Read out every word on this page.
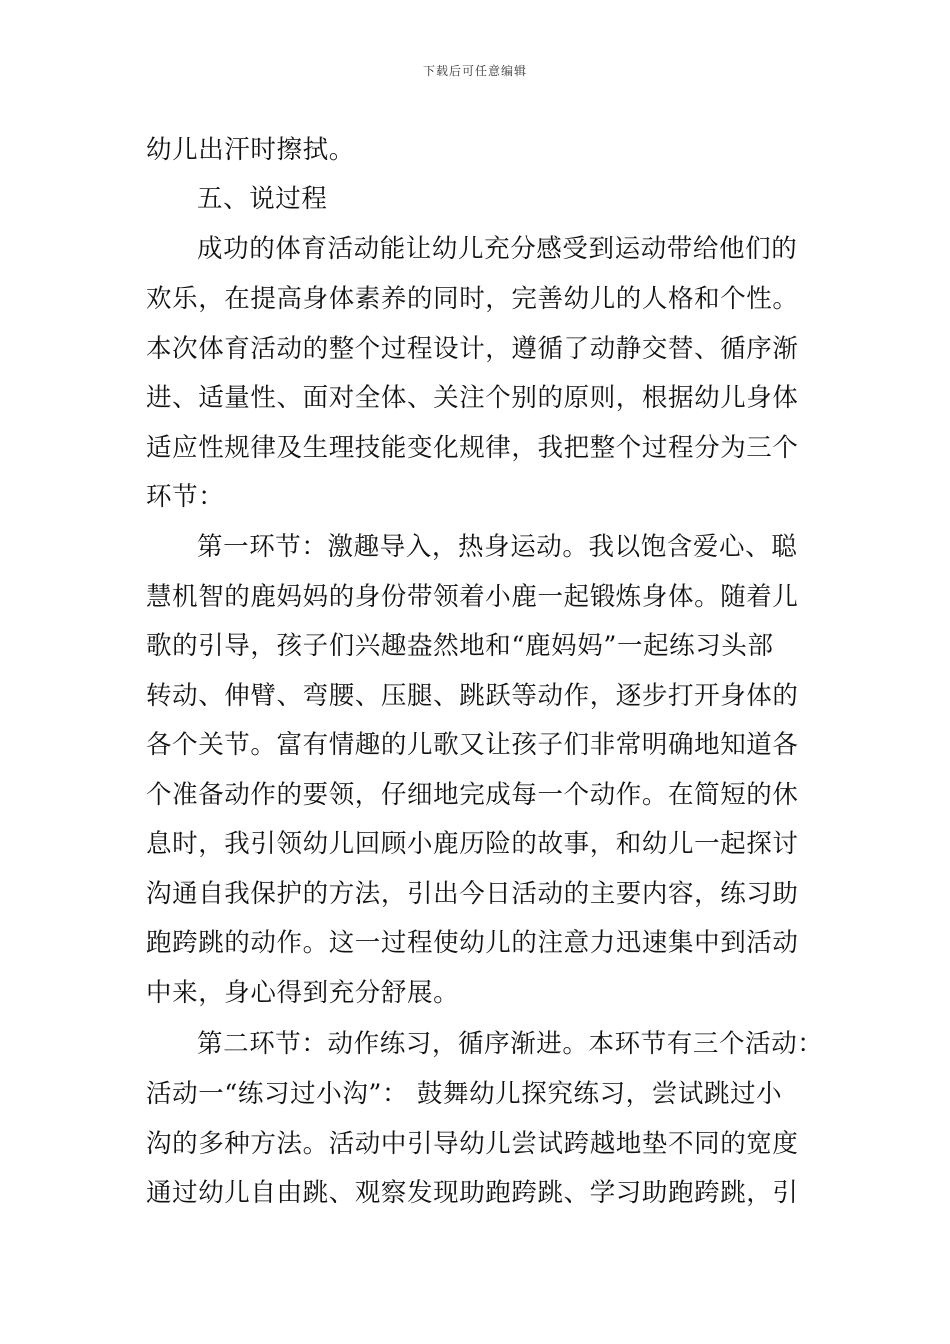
下载后可任意编辑
幼儿出汗时擦拭。
五、说过程
成功的体育活动能让幼儿充分感受到运动带给他们的
欢乐，在提高身体素养的同时，完善幼儿的人格和个性。
本次体育活动的整个过程设计，遵循了动静交替、循序渐
进、适量性、面对全体、关注个别的原则，根据幼儿身体
适应性规律及生理技能变化规律，我把整个过程分为三个
环节：
第一环节：激趣导入，热身运动。我以饱含爱心、聪
慧机智的鹿妈妈的身份带领着小鹿一起锻炼身体。随着儿
歌的引导，孩子们兴趣盎然地和“鹿妈妈”一起练习头部
转动、伸臂、弯腰、压腿、跳跃等动作，逐步打开身体的
各个关节。富有情趣的儿歌又让孩子们非常明确地知道各
个准备动作的要领，仔细地完成每一个动作。在简短的休
息时，我引领幼儿回顾小鹿历险的故事，和幼儿一起探讨
沟通自我保护的方法，引出今日活动的主要内容，练习助
跑跨跳的动作。这一过程使幼儿的注意力迅速集中到活动
中来，身心得到充分舒展。
第二环节：动作练习，循序渐进。本环节有三个活动：
活动一“练习过小沟”： 鼓舞幼儿探究练习，尝试跳过小
沟的多种方法。活动中引导幼儿尝试跨越地垫不同的宽度
通过幼儿自由跳、观察发现助跑跨跳、学习助跑跨跳，引
